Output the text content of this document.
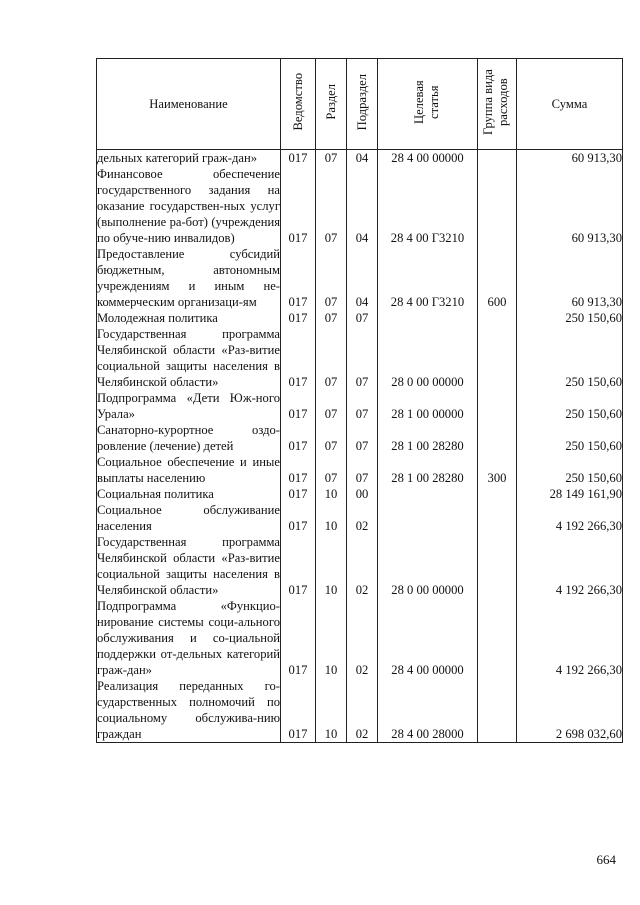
Наименование	Ведомство	Раздел	Подраздел	Целевая статья	Группа вида расходов	Сумма
дельных категорий граж-дан»	017	07	04	28 4 00 00000		60 913,30
Финансовое обеспечение государственного задания на оказание государствен-ных услуг (выполнение ра-бот) (учреждения по обуче-нию инвалидов)	017	07	04	28 4 00 Г3210		60 913,30
Предоставление субсидий бюджетным, автономным учреждениям и иным не-коммерческим организаци-ям	017	07	04	28 4 00 Г3210	600	60 913,30
Молодежная политика	017	07	07			250 150,60
Государственная программа Челябинской области «Раз-витие социальной защиты населения в Челябинской области»	017	07	07	28 0 00 00000		250 150,60
Подпрограмма «Дети Юж-ного Урала»	017	07	07	28 1 00 00000		250 150,60
Санаторно-курортное оздо-ровление (лечение) детей	017	07	07	28 1 00 28280		250 150,60
Социальное обеспечение и иные выплаты населению	017	07	07	28 1 00 28280	300	250 150,60
Социальная политика	017	10	00			28 149 161,90
Социальное обслуживание населения	017	10	02			4 192 266,30
Государственная программа Челябинской области «Раз-витие социальной защиты населения в Челябинской области»	017	10	02	28 0 00 00000		4 192 266,30
Подпрограмма «Функцио-нирование системы соци-ального обслуживания и со-циальной поддержки от-дельных категорий граж-дан»	017	10	02	28 4 00 00000		4 192 266,30
Реализация переданных го-сударственных полномочий по социальному обслужива-нию граждан	017	10	02	28 4 00 28000		2 698 032,60
664
